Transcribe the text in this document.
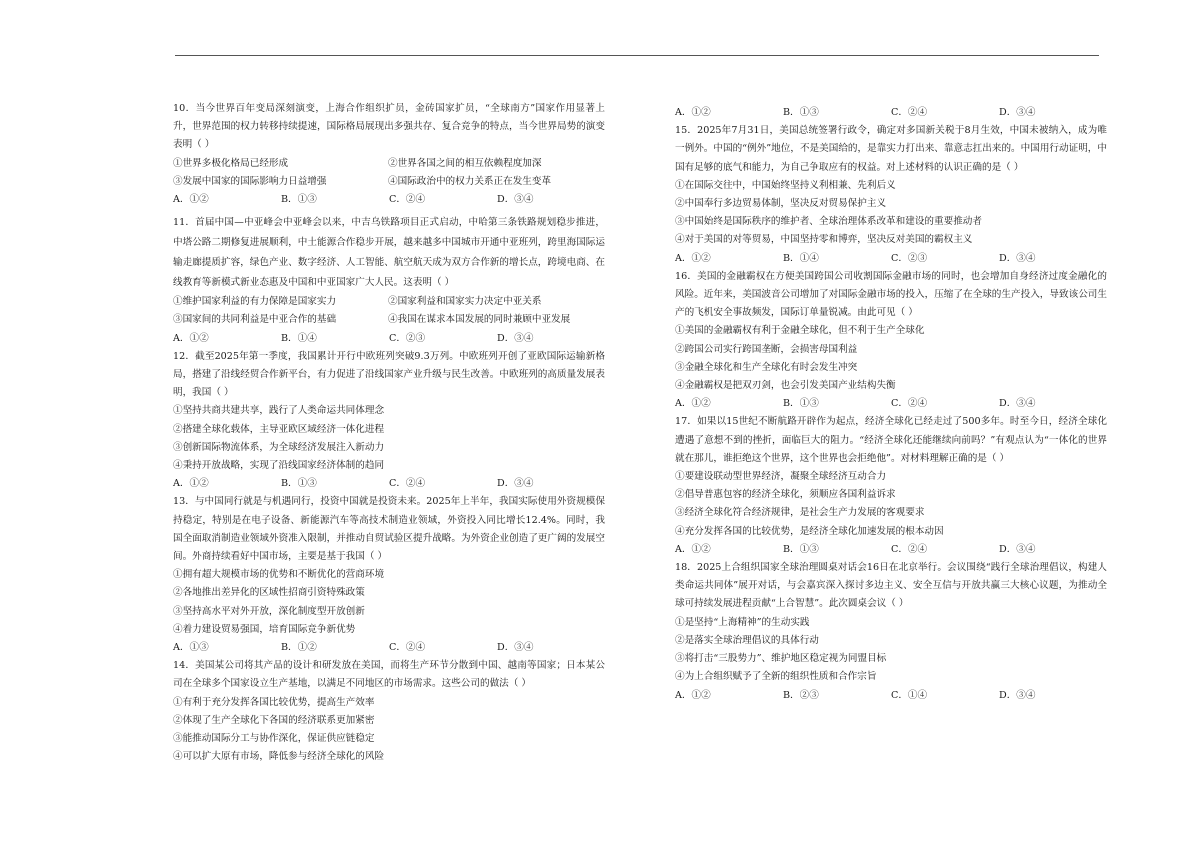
10．当今世界百年变局深刻演变，上海合作组织扩员，金砖国家扩员，“全球南方”国家作用显著上升，世界范围的权力转移持续提速，国际格局展现出多强共存、复合竞争的特点，当今世界局势的演变表明（ ）
①世界多极化格局已经形成	②世界各国之间的相互依赖程度加深
③发展中国家的国际影响力日益增强	④国际政治中的权力关系正在发生变革
A．①②	B．①③	C．②④	D．③④
11．首届中国—中亚峰会中亚峰会以来，中吉乌铁路项目正式启动，中哈第三条铁路规划稳步推进，中塔公路二期修复进展顺利，中土能源合作稳步开展，越来越多中国城市开通中亚班列，跨里海国际运输走廊提质扩容，绿色产业、数字经济、人工智能、航空航天成为双方合作新的增长点，跨境电商、在线教育等新模式新业态惠及中国和中亚国家广大人民。这表明（ ）
①维护国家利益的有力保障是国家实力	②国家利益和国家实力决定中亚关系
③国家间的共同利益是中亚合作的基础	④我国在谋求本国发展的同时兼顾中亚发展
A．①②	B．①④	C．②③	D．③④
12．截至2025年第一季度，我国累计开行中欧班列突破9.3万列。中欧班列开创了亚欧国际运输新格局，搭建了沿线经贸合作新平台，有力促进了沿线国家产业升级与民生改善。中欧班列的高质量发展表明，我国（ ）
①坚持共商共建共享，践行了人类命运共同体理念
②搭建全球化载体，主导亚欧区域经济一体化进程
③创新国际物流体系，为全球经济发展注入新动力
④秉持开放战略，实现了沿线国家经济体制的趋同
A．①②	B．①③	C．②④	D．③④
13．与中国同行就是与机遇同行，投资中国就是投资未来。2025年上半年，我国实际使用外资规模保持稳定，特别是在电子设备、新能源汽车等高技术制造业领域，外资投入同比增长12.4%。同时，我国全面取消制造业领域外资准入限制，并推动自贸试验区提升战略。为外资企业创造了更广阔的发展空间。外商持续看好中国市场，主要是基于我国（ ）
①拥有超大规模市场的优势和不断优化的营商环境
②各地推出差异化的区域性招商引资特殊政策
③坚持高水平对外开放，深化制度型开放创新
④着力建设贸易强国，培育国际竞争新优势
A．①③	B．①②	C．②④	D．③④
14．美国某公司将其产品的设计和研发放在美国，而将生产环节分散到中国、越南等国家；日本某公司在全球多个国家设立生产基地，以满足不同地区的市场需求。这些公司的做法（ ）
①有利于充分发挥各国比较优势，提高生产效率
②体现了生产全球化下各国的经济联系更加紧密
③能推动国际分工与协作深化，保证供应链稳定
④可以扩大原有市场，降低参与经济全球化的风险
A．①②	B．①③	C．②④	D．③④
15．2025年7月31日，美国总统签署行政令，确定对多国新关税于8月生效，中国未被纳入，成为唯一例外。中国的“例外”地位，不是美国给的，是靠实力打出来、靠意志扛出来的。中国用行动证明，中国有足够的底气和能力，为自己争取应有的权益。对上述材料的认识正确的是（ ）
①在国际交往中，中国始终坚持义利相兼、先利后义
②中国奉行多边贸易体制，坚决反对贸易保护主义
③中国始终是国际秩序的维护者、全球治理体系改革和建设的重要推动者
④对于美国的对等贸易，中国坚持零和博弈，坚决反对美国的霸权主义
A．①②	B．①④	C．②③	D．③④
16．美国的金融霸权在方便美国跨国公司收割国际金融市场的同时，也会增加自身经济过度金融化的风险。近年来，美国波音公司增加了对国际金融市场的投入，压缩了在全球的生产投入，导致该公司生产的飞机安全事故频发，国际订单量锐减。由此可见（ ）
①美国的金融霸权有利于金融全球化，但不利于生产全球化
②跨国公司实行跨国垄断，会损害母国利益
③金融全球化和生产全球化有时会发生冲突
④金融霸权是把双刃剑，也会引发美国产业结构失衡
A．①②	B．①③	C．②④	D．③④
17．如果以15世纪不断航路开辟作为起点，经济全球化已经走过了500多年。时至今日，经济全球化遭遇了意想不到的挫折，面临巨大的阻力。“经济全球化还能继续向前吗？”有观点认为“一体化的世界就在那儿，谁拒绝这个世界，这个世界也会拒绝他”。对材料理解正确的是（ ）
①要建设联动型世界经济，凝聚全球经济互动合力
②倡导普惠包容的经济全球化，须顺应各国利益诉求
③经济全球化符合经济规律，是社会生产力发展的客观要求
④充分发挥各国的比较优势，是经济全球化加速发展的根本动因
A．①②	B．①③	C．②④	D．③④
18．2025上合组织国家全球治理圆桌对话会16日在北京举行。会议围绕“践行全球治理倡议，构建人类命运共同体”展开对话，与会嘉宾深入探讨多边主义、安全互信与开放共赢三大核心议题，为推动全球可持续发展进程贡献“上合智慧”。此次圆桌会议（ ）
①是坚持“上海精神”的生动实践
②是落实全球治理倡议的具体行动
③将打击“三股势力”、维护地区稳定视为同盟目标
④为上合组织赋予了全新的组织性质和合作宗旨
A．①②	B．②③	C．①④	D．③④
